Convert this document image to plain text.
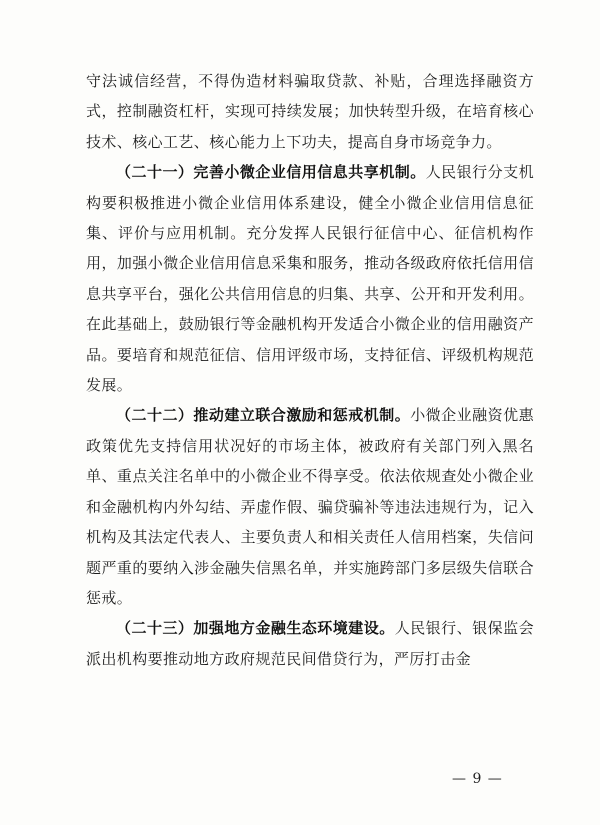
守法诚信经营，不得伪造材料骗取贷款、补贴，合理选择融资方式，控制融资杠杆，实现可持续发展；加快转型升级，在培育核心技术、核心工艺、核心能力上下功夫，提高自身市场竞争力。

（二十一）完善小微企业信用信息共享机制。人民银行分支机构要积极推进小微企业信用体系建设，健全小微企业信用信息征集、评价与应用机制。充分发挥人民银行征信中心、征信机构作用，加强小微企业信用信息采集和服务，推动各级政府依托信用信息共享平台，强化公共信用信息的归集、共享、公开和开发利用。在此基础上，鼓励银行等金融机构开发适合小微企业的信用融资产品。要培育和规范征信、信用评级市场，支持征信、评级机构规范发展。

（二十二）推动建立联合激励和惩戒机制。小微企业融资优惠政策优先支持信用状况好的市场主体，被政府有关部门列入黑名单、重点关注名单中的小微企业不得享受。依法依规查处小微企业和金融机构内外勾结、弄虚作假、骗贷骗补等违法违规行为，记入机构及其法定代表人、主要负责人和相关责任人信用档案，失信问题严重的要纳入涉金融失信黑名单，并实施跨部门多层级失信联合惩戒。

（二十三）加强地方金融生态环境建设。人民银行、银保监会派出机构要推动地方政府规范民间借贷行为，严厉打击金

— 9 —
